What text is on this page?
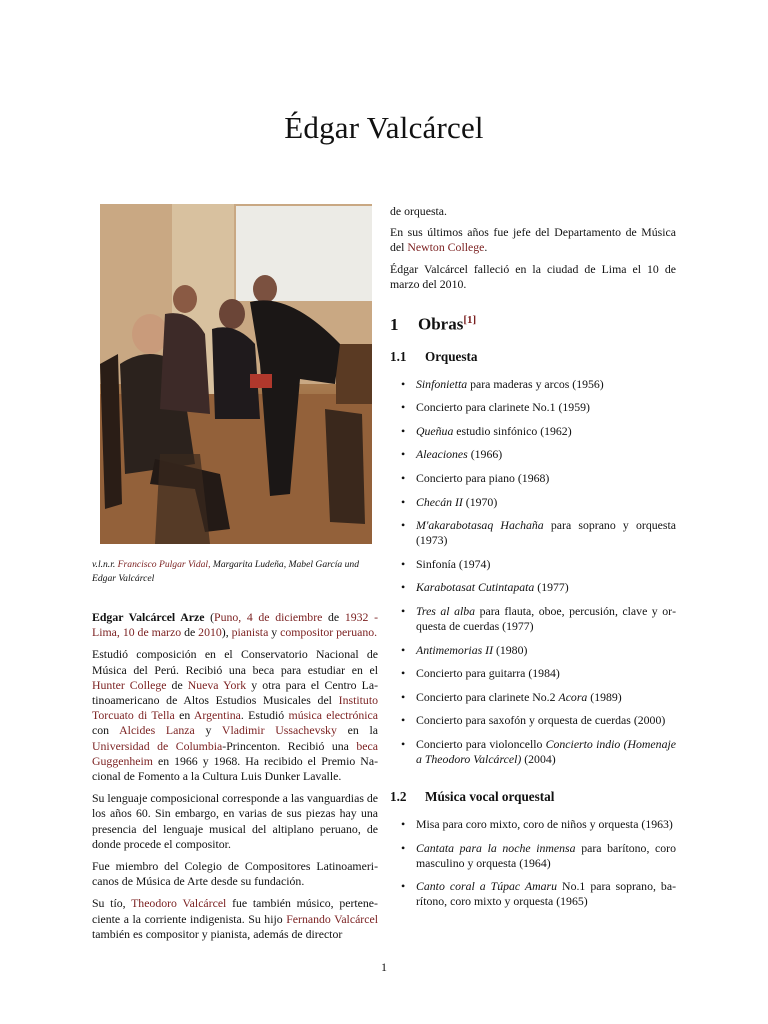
Édgar Valcárcel

v.l.n.r. Francisco Pulgar Vidal, Margarita Ludeña, Mabel García und Edgar Valcárcel

Edgar Valcárcel Arze (Puno, 4 de diciembre de 1932 - Lima, 10 de marzo de 2010), pianista y compositor peruano.

Estudió composición en el Conservatorio Nacional de Música del Perú. Recibió una beca para estudiar en el Hunter College de Nueva York y otra para el Centro Latinoamericano de Altos Estudios Musicales del Instituto Torcuato di Tella en Argentina. Estudió música electrónica con Alcides Lanza y Vladimir Ussachevsky en la Universidad de Columbia-Princenton. Recibió una beca Guggenheim en 1966 y 1968. Ha recibido el Premio Nacional de Fomento a la Cultura Luis Dunker Lavalle.

Su lenguaje composicional corresponde a las vanguardias de los años 60. Sin embargo, en varias de sus piezas hay una presencia del lenguaje musical del altiplano peruano, de donde procede el compositor.

Fue miembro del Colegio de Compositores Latinoamericanos de Música de Arte desde su fundación.

Su tío, Theodoro Valcárcel fue también músico, perteneciente a la corriente indigenista. Su hijo Fernando Valcárcel también es compositor y pianista, además de director

de orquesta.

En sus últimos años fue jefe del Departamento de Música del Newton College.

Édgar Valcárcel falleció en la ciudad de Lima el 10 de marzo del 2010.

1 Obras[1]
1.1 Orquesta
• Sinfonietta para maderas y arcos (1956)
• Concierto para clarinete No.1 (1959)
• Queñua estudio sinfónico (1962)
• Aleaciones (1966)
• Concierto para piano (1968)
• Checán II (1970)
• M'akarabotasaq Hachaña para soprano y orquesta (1973)
• Sinfonía (1974)
• Karabotasat Cutintapata (1977)
• Tres al alba para flauta, oboe, percusión, clave y orquesta de cuerdas (1977)
• Antimemorias II (1980)
• Concierto para guitarra (1984)
• Concierto para clarinete No.2 Acora (1989)
• Concierto para saxofón y orquesta de cuerdas (2000)
• Concierto para violoncello Concierto indio (Homenaje a Theodoro Valcárcel) (2004)
1.2 Música vocal orquestal
• Misa para coro mixto, coro de niños y orquesta (1963)
• Cantata para la noche inmensa para barítono, coro masculino y orquesta (1964)
• Canto coral a Túpac Amaru No.1 para soprano, barítono, coro mixto y orquesta (1965)
1
